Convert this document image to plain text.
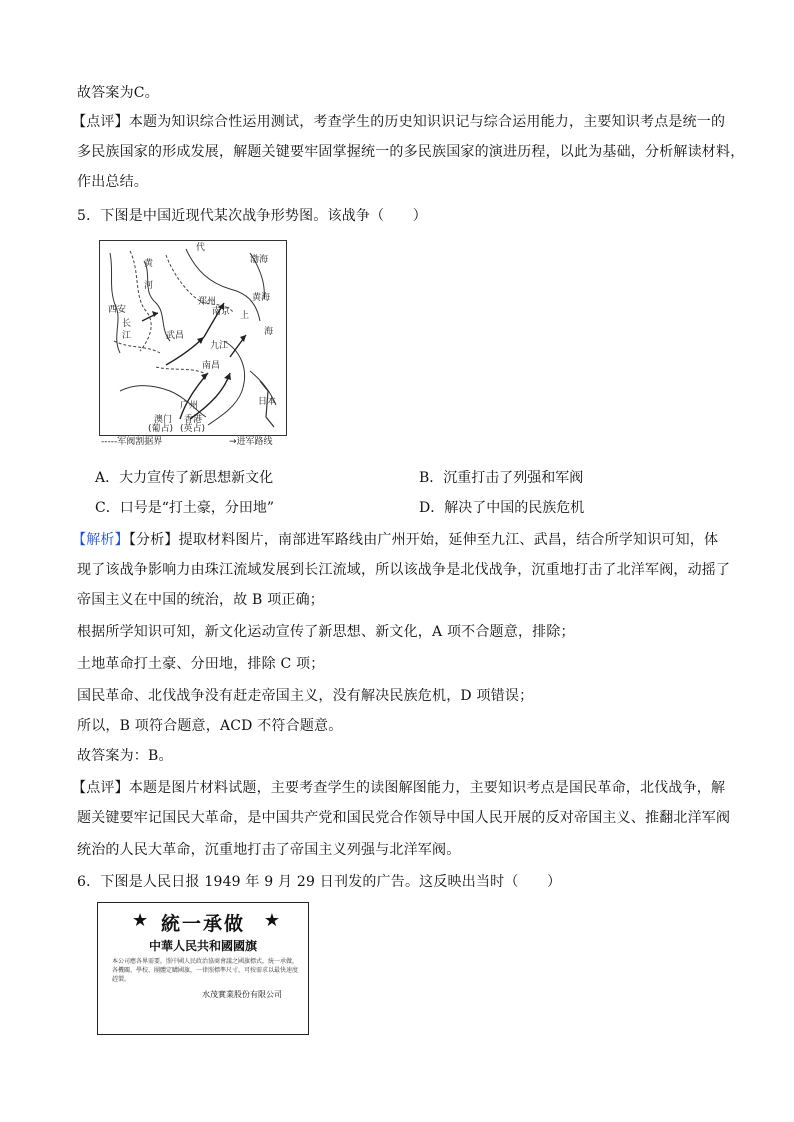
故答案为C。
【点评】本题为知识综合性运用测试，考查学生的历史知识识记与综合运用能力，主要知识考点是统一的
多民族国家的形成发展，解题关键要牢固掌握统一的多民族国家的演进历程，以此为基础，分析解读材料，
作出总结。
5．下图是中国近现代某次战争形势图。该战争（　　）
代
渤海
黄
河
郑州	黄海
西安	南京 上
海
长
武昌
江
九江
南昌
广州	日本
澳门 香港
(葡占) (英占)
-----军阀割据界	→进军路线
A．大力宣传了新思想新文化	B．沉重打击了列强和军阀
C．口号是“打土豪，分田地”	D．解决了中国的民族危机
【解析】【分析】提取材料图片，南部进军路线由广州开始，延伸至九江、武昌，结合所学知识可知，体
现了该战争影响力由珠江流域发展到长江流域，所以该战争是北伐战争，沉重地打击了北洋军阀，动摇了
帝国主义在中国的统治，故 B 项正确；
根据所学知识可知，新文化运动宣传了新思想、新文化，A 项不合题意，排除；
土地革命打土豪、分田地，排除 C 项；
国民革命、北伐战争没有赶走帝国主义，没有解决民族危机，D 项错误；
所以，B 项符合题意，ACD 不符合题意。
故答案为：B。
【点评】本题是图片材料试题，主要考查学生的读图解图能力，主要知识考点是国民革命，北伐战争，解
题关键要牢记国民大革命，是中国共产党和国民党合作领导中国人民开展的反对帝国主义、推翻北洋军阀
统治的人民大革命，沉重地打击了帝国主义列强与北洋军阀。
6．下图是人民日报 1949 年 9 月 29 日刊发的广告。这反映出当时（　　）
★	★
統一承做
中華人民共和國國旗
本公司應各界需要，照中國人民政治協商會議之國旗標式，統一承做，各機關、學校、團體定購國旗，一律照標準尺寸，可按需求以最快速度趕製。
水茂實業股份有限公司
